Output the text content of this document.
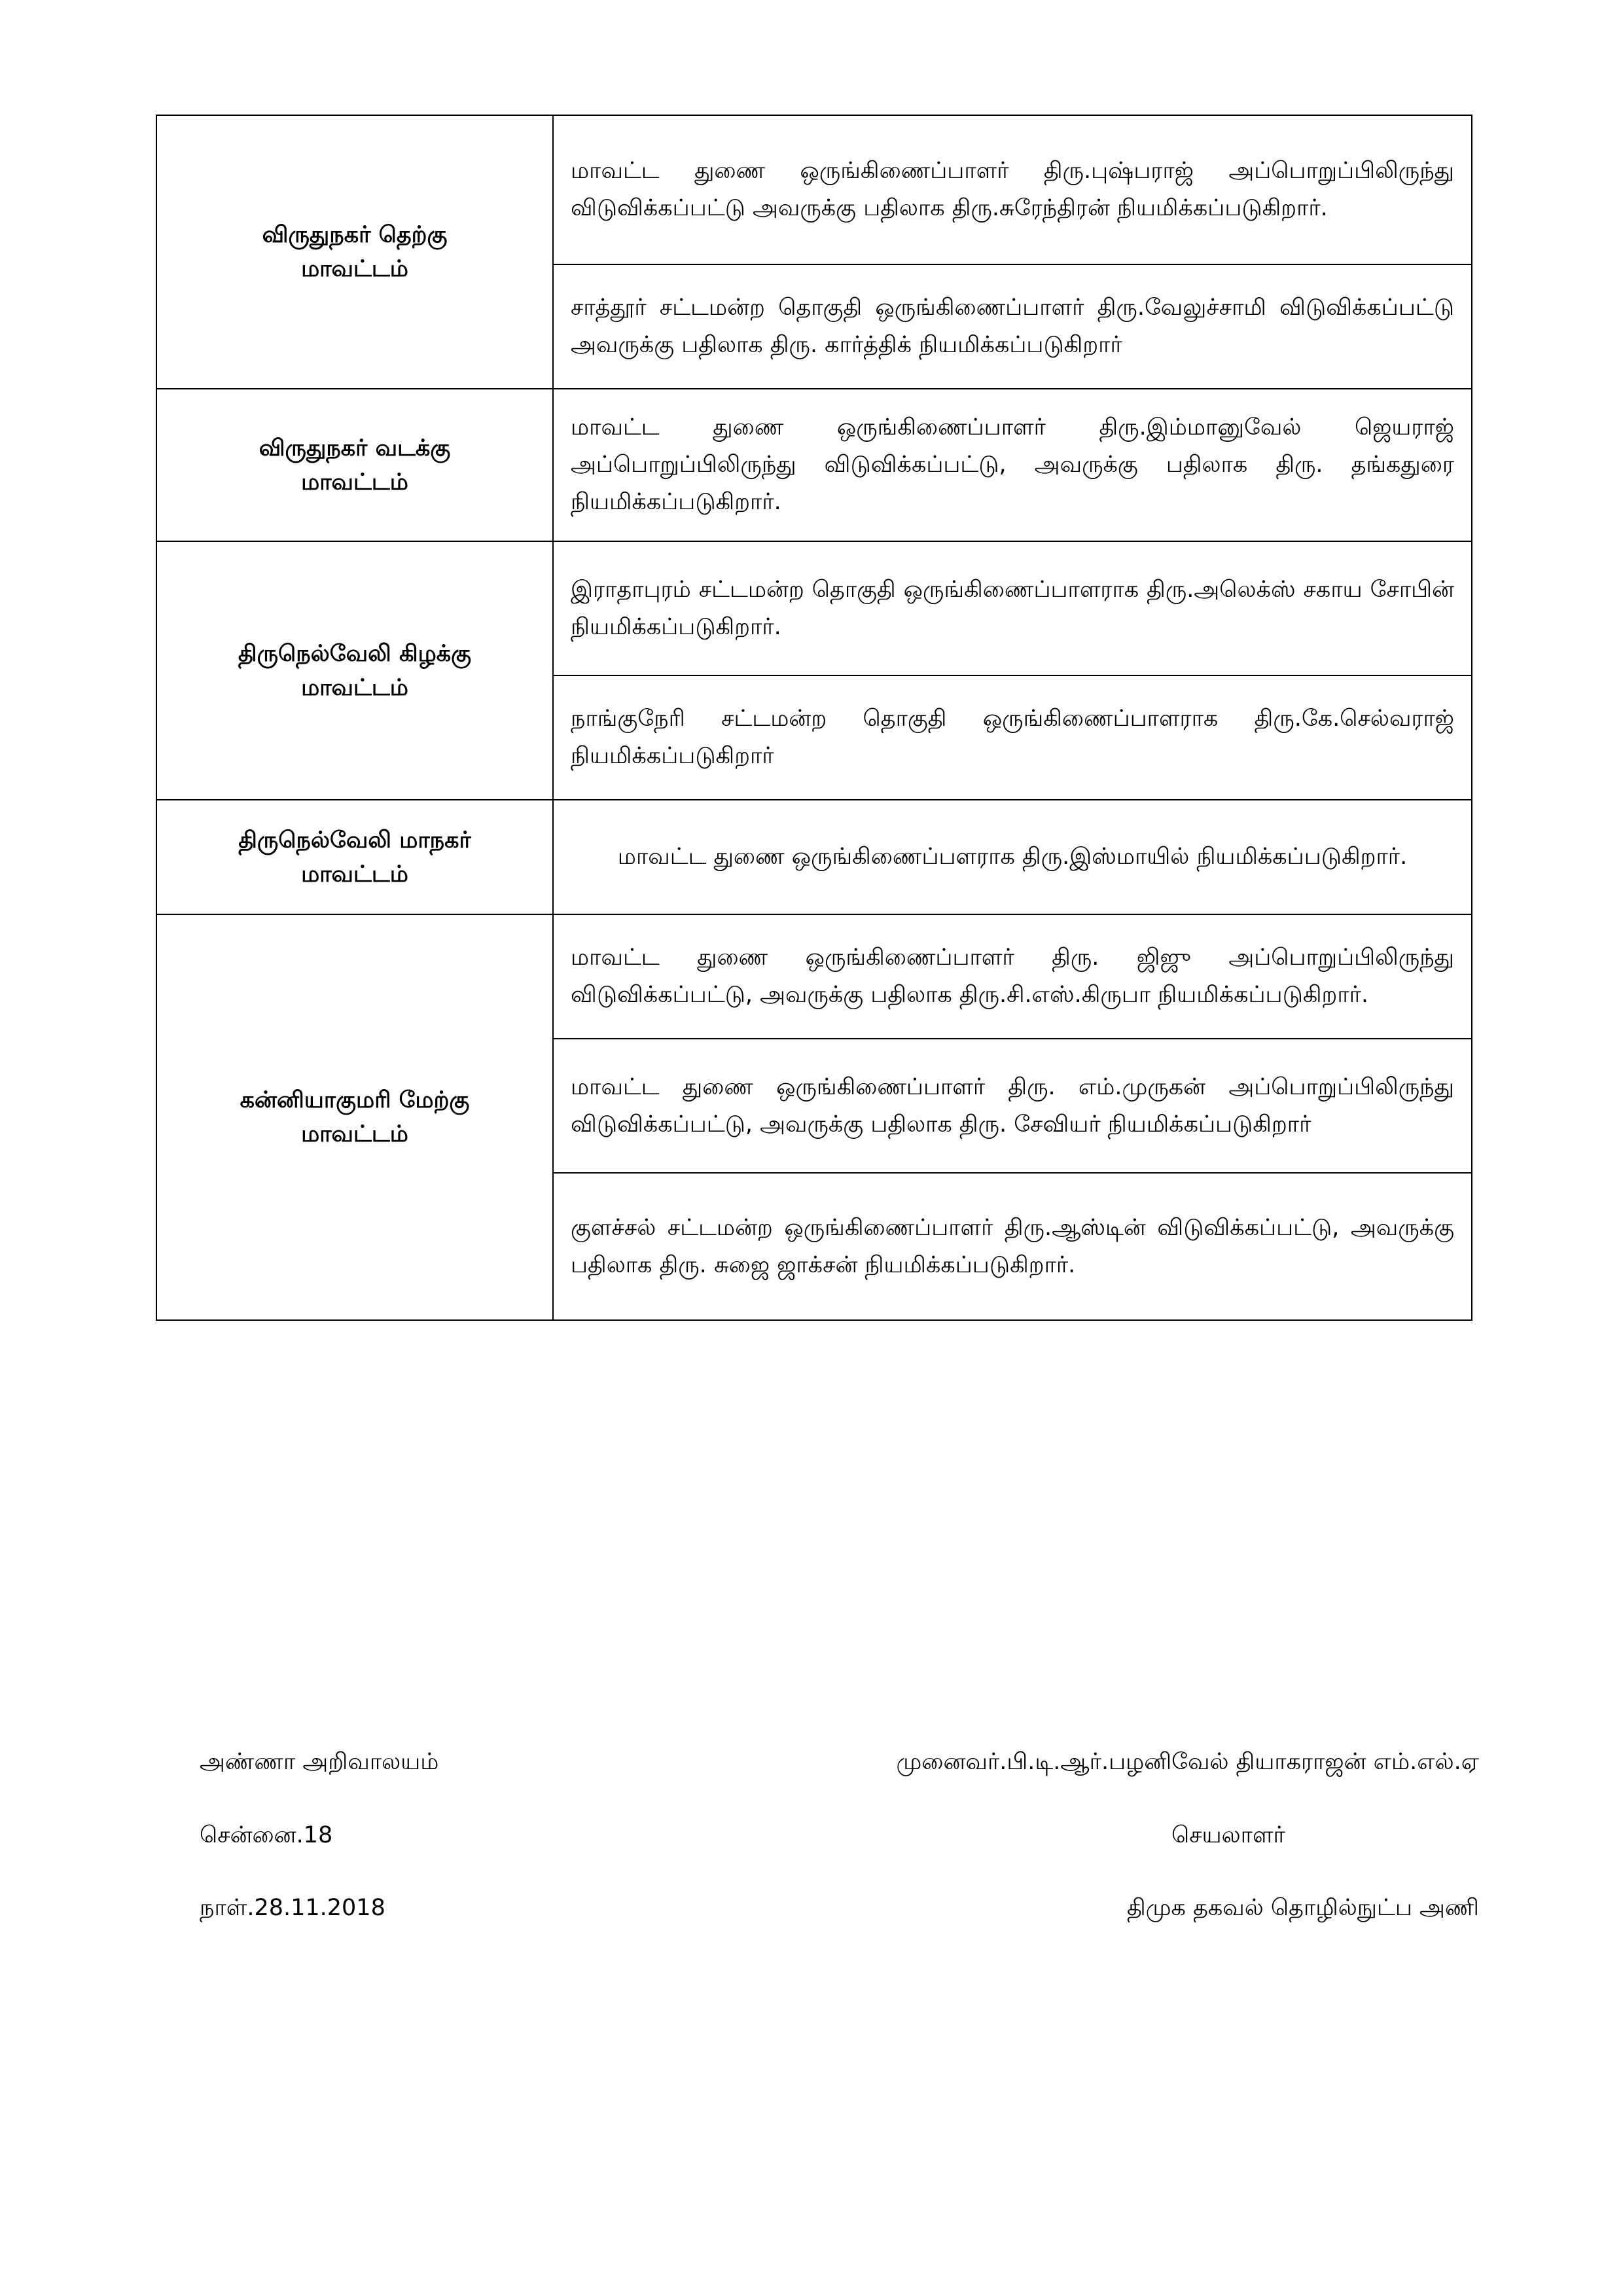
விருதுநகர் தெற்கு
மாவட்டம்	மாவட்ட துணை ஒருங்கிணைப்பாளர் திரு.புஷ்பராஜ் அப்பொறுப்பிலிருந்து விடுவிக்கப்பட்டு அவருக்கு பதிலாக திரு.சுரேந்திரன் நியமிக்கப்படுகிறார்.
	சாத்தூர் சட்டமன்ற தொகுதி ஒருங்கிணைப்பாளர் திரு.வேலுச்சாமி விடுவிக்கப்பட்டு அவருக்கு பதிலாக திரு. கார்த்திக் நியமிக்கப்படுகிறார்

விருதுநகர் வடக்கு
மாவட்டம்	மாவட்ட துணை ஒருங்கிணைப்பாளர் திரு.இம்மானுவேல் ஜெயராஜ் அப்பொறுப்பிலிருந்து விடுவிக்கப்பட்டு, அவருக்கு பதிலாக திரு. தங்கதுரை நியமிக்கப்படுகிறார்.

திருநெல்வேலி கிழக்கு
மாவட்டம்	இராதாபுரம் சட்டமன்ற தொகுதி ஒருங்கிணைப்பாளராக திரு.அலெக்ஸ் சகாய சோபின் நியமிக்கப்படுகிறார்.
	நாங்குநேரி சட்டமன்ற தொகுதி ஒருங்கிணைப்பாளராக திரு.கே.செல்வராஜ் நியமிக்கப்படுகிறார்

திருநெல்வேலி மாநகர்
மாவட்டம்	மாவட்ட துணை ஒருங்கிணைப்பளராக திரு.இஸ்மாயில் நியமிக்கப்படுகிறார்.

கன்னியாகுமரி மேற்கு
மாவட்டம்	மாவட்ட துணை ஒருங்கிணைப்பாளர் திரு. ஜிஜு அப்பொறுப்பிலிருந்து விடுவிக்கப்பட்டு, அவருக்கு பதிலாக திரு.சி.எஸ்.கிருபா நியமிக்கப்படுகிறார்.
	மாவட்ட துணை ஒருங்கிணைப்பாளர் திரு. எம்.முருகன் அப்பொறுப்பிலிருந்து விடுவிக்கப்பட்டு, அவருக்கு பதிலாக திரு. சேவியர் நியமிக்கப்படுகிறார்
	குளச்சல் சட்டமன்ற ஒருங்கிணைப்பாளர் திரு.ஆஸ்டின் விடுவிக்கப்பட்டு, அவருக்கு பதிலாக திரு. சுஜை ஜாக்சன் நியமிக்கப்படுகிறார்.
அண்ணா அறிவாலயம்
சென்னை.18
நாள்.28.11.2018
முனைவர்.பி.டி.ஆர்.பழனிவேல் தியாகராஜன் எம்.எல்.ஏ
செயலாளர்
திமுக தகவல் தொழில்நுட்ப அணி
